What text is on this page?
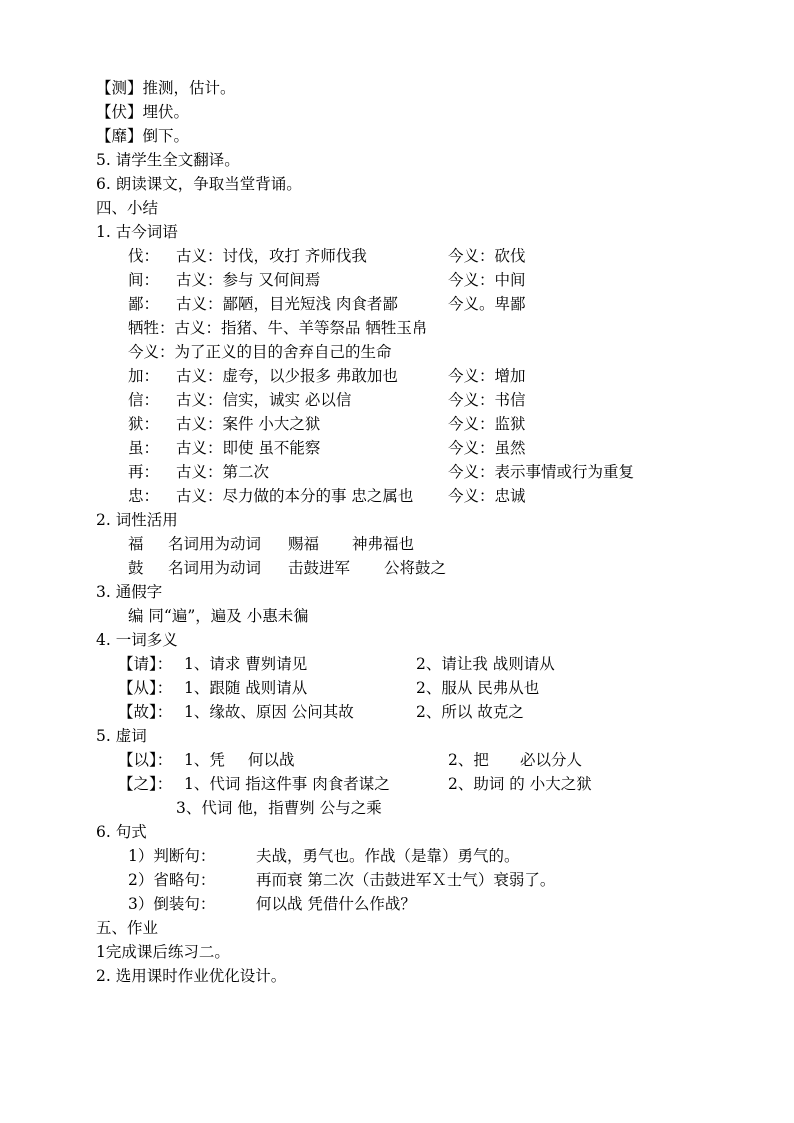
【测】推测，估计。
【伏】埋伏。
【靡】倒下。
5. 请学生全文翻译。
6. 朗读课文，争取当堂背诵。
四、小结
1. 古今词语
伐： 古义：讨伐，攻打 齐师伐我	今义：砍伐
间： 古义：参与 又何间焉	今义：中间
鄙： 古义：鄙陋，目光短浅 肉食者鄙	今义。卑鄙
牺牲：古义：指猪、牛、羊等祭品 牺牲玉帛
今义：为了正义的目的舍弃自己的生命
加： 古义：虚夸，以少报多 弗敢加也	今义：增加
信： 古义：信实，诚实 必以信	今义：书信
狱： 古义：案件 小大之狱	今义：监狱
虽： 古义：即使 虽不能察	今义：虽然
再： 古义：第二次	今义：表示事情或行为重复
忠： 古义：尽力做的本分的事 忠之属也 今义：忠诚
2. 词性活用
福 名词用为动词 赐福 神弗福也
鼓 名词用为动词 击鼓进军 公将鼓之
3. 通假字
编 同“遍”，遍及 小惠未徧
4. 一词多义
【请】： 1、请求 曹刿请见	2、请让我 战则请从
【从】： 1、跟随 战则请从	2、服从 民弗从也
【故】： 1、缘故、原因 公问其故	2、所以 故克之
5. 虚词
【以】： 1、凭 何以战	2、把 必以分人
【之】： 1、代词 指这件事 肉食者谋之	2、助词 的 小大之狱
3、代词 他，指曹刿 公与之乘
6. 句式
1）判断句：	夫战，勇气也。作战（是靠）勇气的。
2）省略句：	再而衰 第二次（击鼓进军Ｘ士气）衰弱了。
3）倒装句：	何以战 凭借什么作战？
五、作业
1完成课后练习二。
2. 选用课时作业优化设计。
